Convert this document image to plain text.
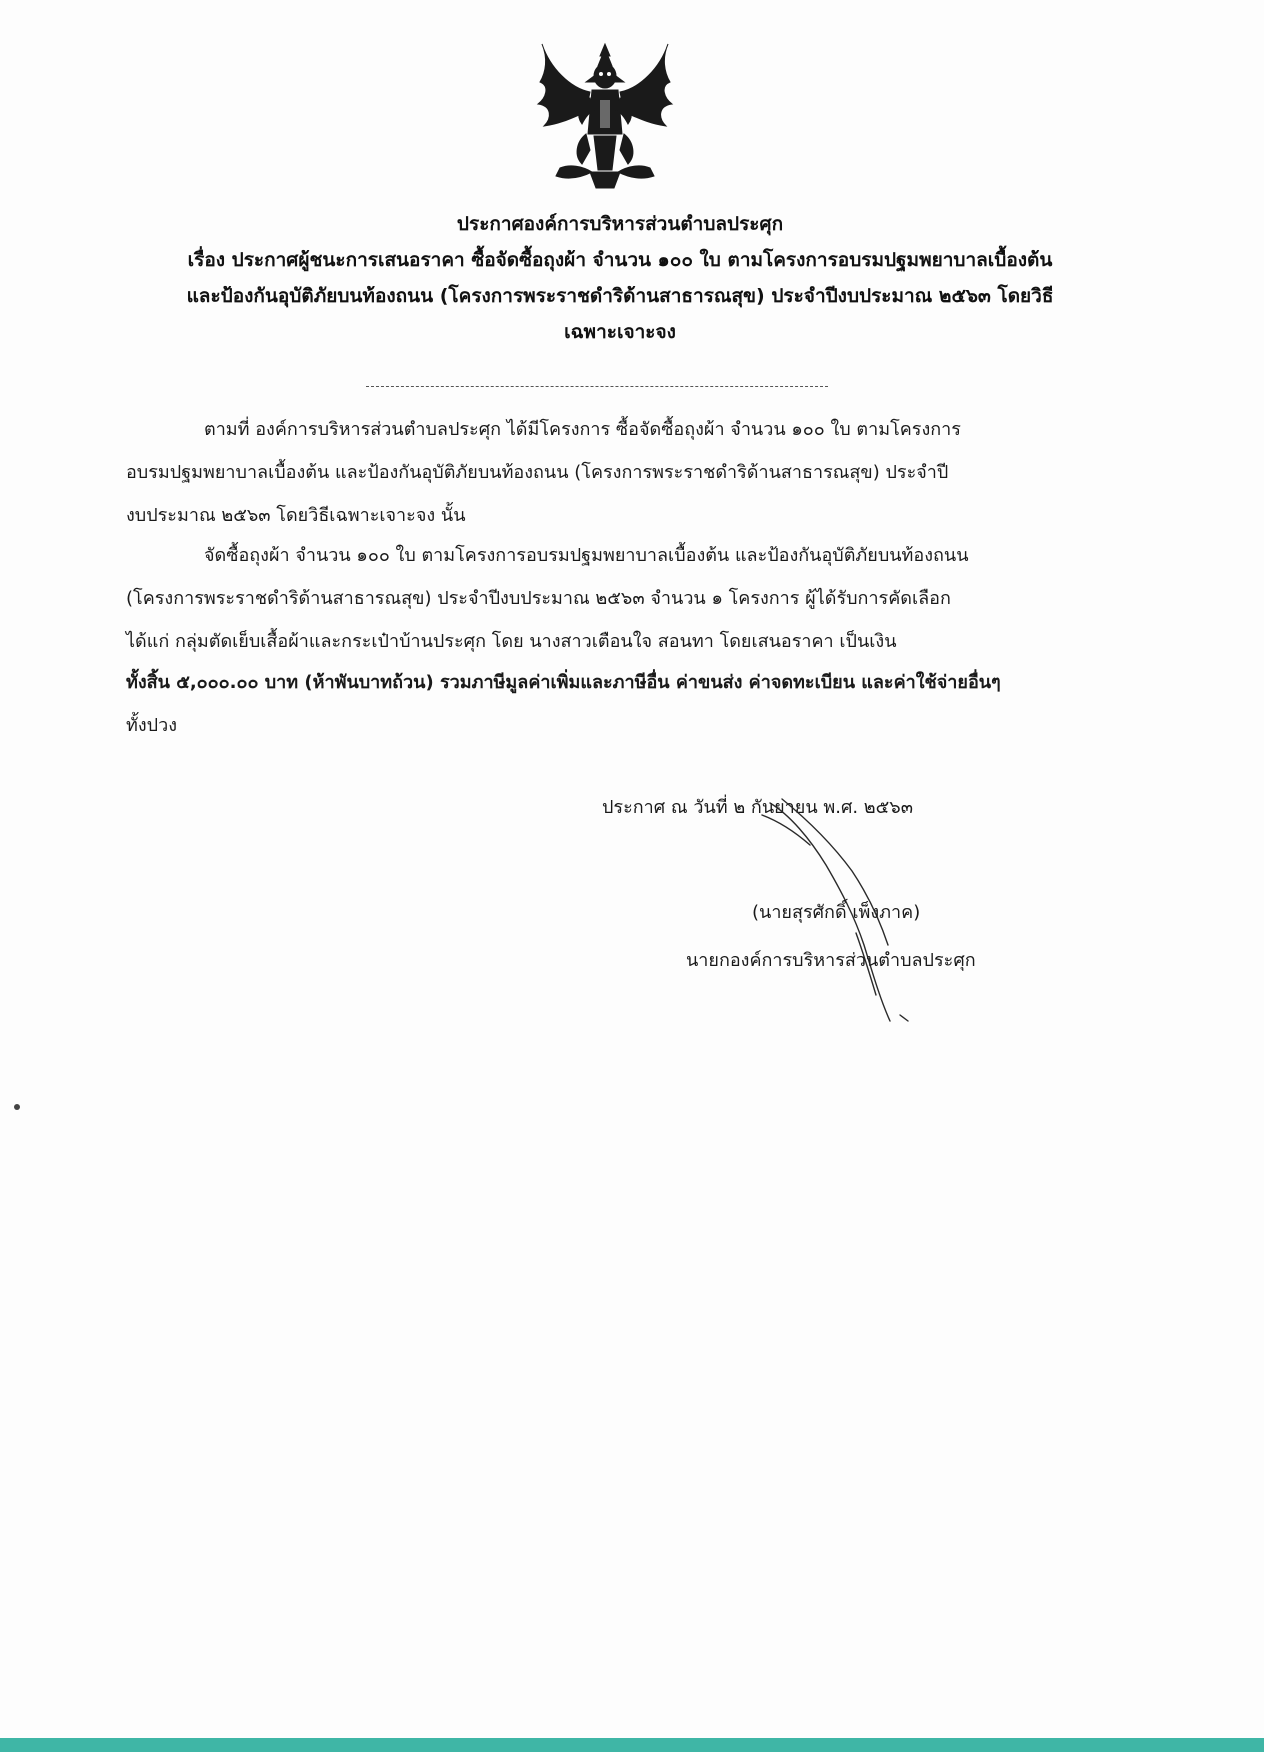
ประกาศองค์การบริหารส่วนตำบลประศุก
เรื่อง ประกาศผู้ชนะการเสนอราคา ซื้อจัดซื้อถุงผ้า จำนวน ๑๐๐ ใบ ตามโครงการอบรมปฐมพยาบาลเบื้องต้น
และป้องกันอุบัติภัยบนท้องถนน (โครงการพระราชดำริด้านสาธารณสุข) ประจำปีงบประมาณ ๒๕๖๓ โดยวิธี
เฉพาะเจาะจง
ตามที่ องค์การบริหารส่วนตำบลประศุก ได้มีโครงการ ซื้อจัดซื้อถุงผ้า จำนวน ๑๐๐ ใบ ตามโครงการ
อบรมปฐมพยาบาลเบื้องต้น และป้องกันอุบัติภัยบนท้องถนน (โครงการพระราชดำริด้านสาธารณสุข) ประจำปี
งบประมาณ ๒๕๖๓ โดยวิธีเฉพาะเจาะจง นั้น
จัดซื้อถุงผ้า จำนวน ๑๐๐ ใบ ตามโครงการอบรมปฐมพยาบาลเบื้องต้น และป้องกันอุบัติภัยบนท้องถนน
(โครงการพระราชดำริด้านสาธารณสุข) ประจำปีงบประมาณ ๒๕๖๓ จำนวน ๑ โครงการ ผู้ได้รับการคัดเลือก
ได้แก่ กลุ่มตัดเย็บเสื้อผ้าและกระเป๋าบ้านประศุก โดย นางสาวเตือนใจ สอนทา โดยเสนอราคา เป็นเงิน
ทั้งสิ้น ๕,๐๐๐.๐๐ บาท (ห้าพันบาทถ้วน) รวมภาษีมูลค่าเพิ่มและภาษีอื่น ค่าขนส่ง ค่าจดทะเบียน และค่าใช้จ่ายอื่นๆ
ทั้งปวง
ประกาศ ณ วันที่ ๒ กันยายน พ.ศ. ๒๕๖๓
(นายสุรศักดิ์ เพ็งภาค)
นายกองค์การบริหารส่วนตำบลประศุก
